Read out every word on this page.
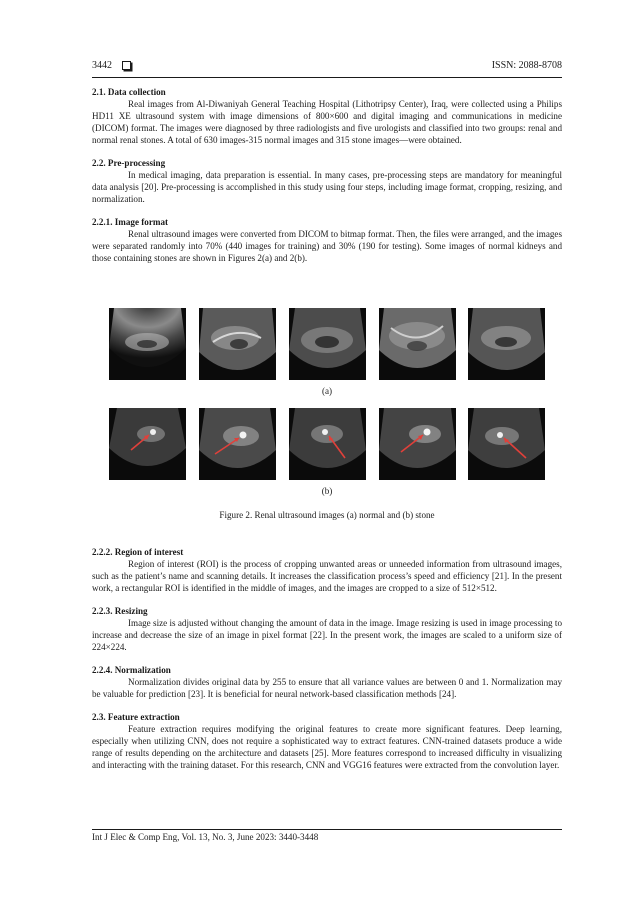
3442	ISSN: 2088-8708
2.1. Data collection

Real images from Al-Diwaniyah General Teaching Hospital (Lithotripsy Center), Iraq, were collected using a Philips HD11 XE ultrasound system with image dimensions of 800×600 and digital imaging and communications in medicine (DICOM) format. The images were diagnosed by three radiologists and five urologists and classified into two groups: renal and normal renal stones. A total of 630 images-315 normal images and 315 stone images—were obtained.

2.2. Pre-processing

In medical imaging, data preparation is essential. In many cases, pre-processing steps are mandatory for meaningful data analysis [20]. Pre-processing is accomplished in this study using four steps, including image format, cropping, resizing, and normalization.

2.2.1. Image format

Renal ultrasound images were converted from DICOM to bitmap format. Then, the files were arranged, and the images were separated randomly into 70% (440 images for training) and 30% (190 for testing). Some images of normal kidneys and those containing stones are shown in Figures 2(a) and 2(b).

(a)
(b)
Figure 2. Renal ultrasound images (a) normal and (b) stone
2.2.2. Region of interest

Region of interest (ROI) is the process of cropping unwanted areas or unneeded information from ultrasound images, such as the patient’s name and scanning details. It increases the classification process’s speed and efficiency [21]. In the present work, a rectangular ROI is identified in the middle of images, and the images are cropped to a size of 512×512.

2.2.3. Resizing

Image size is adjusted without changing the amount of data in the image. Image resizing is used in image processing to increase and decrease the size of an image in pixel format [22]. In the present work, the images are scaled to a uniform size of 224×224.

2.2.4. Normalization

Normalization divides original data by 255 to ensure that all variance values are between 0 and 1. Normalization may be valuable for prediction [23]. It is beneficial for neural network-based classification methods [24].

2.3. Feature extraction

Feature extraction requires modifying the original features to create more significant features. Deep learning, especially when utilizing CNN, does not require a sophisticated way to extract features. CNN-trained datasets produce a wide range of results depending on the architecture and datasets [25]. More features correspond to increased difficulty in visualizing and interacting with the training dataset. For this research, CNN and VGG16 features were extracted from the convolution layer.

Int J Elec & Comp Eng, Vol. 13, No. 3, June 2023: 3440-3448
